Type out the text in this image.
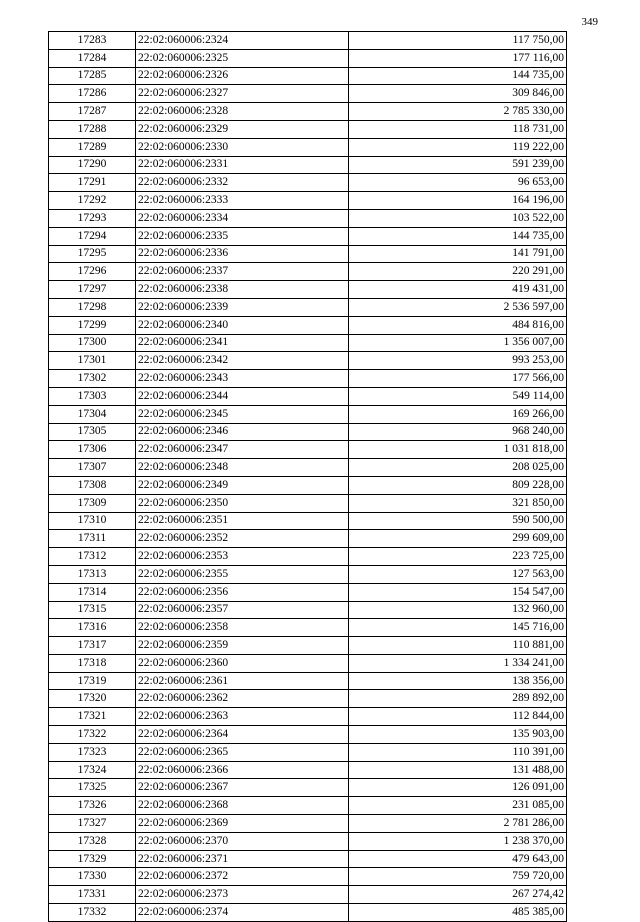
349
17283	22:02:060006:2324	117 750,00
17284	22:02:060006:2325	177 116,00
17285	22:02:060006:2326	144 735,00
17286	22:02:060006:2327	309 846,00
17287	22:02:060006:2328	2 785 330,00
17288	22:02:060006:2329	118 731,00
17289	22:02:060006:2330	119 222,00
17290	22:02:060006:2331	591 239,00
17291	22:02:060006:2332	96 653,00
17292	22:02:060006:2333	164 196,00
17293	22:02:060006:2334	103 522,00
17294	22:02:060006:2335	144 735,00
17295	22:02:060006:2336	141 791,00
17296	22:02:060006:2337	220 291,00
17297	22:02:060006:2338	419 431,00
17298	22:02:060006:2339	2 536 597,00
17299	22:02:060006:2340	484 816,00
17300	22:02:060006:2341	1 356 007,00
17301	22:02:060006:2342	993 253,00
17302	22:02:060006:2343	177 566,00
17303	22:02:060006:2344	549 114,00
17304	22:02:060006:2345	169 266,00
17305	22:02:060006:2346	968 240,00
17306	22:02:060006:2347	1 031 818,00
17307	22:02:060006:2348	208 025,00
17308	22:02:060006:2349	809 228,00
17309	22:02:060006:2350	321 850,00
17310	22:02:060006:2351	590 500,00
17311	22:02:060006:2352	299 609,00
17312	22:02:060006:2353	223 725,00
17313	22:02:060006:2355	127 563,00
17314	22:02:060006:2356	154 547,00
17315	22:02:060006:2357	132 960,00
17316	22:02:060006:2358	145 716,00
17317	22:02:060006:2359	110 881,00
17318	22:02:060006:2360	1 334 241,00
17319	22:02:060006:2361	138 356,00
17320	22:02:060006:2362	289 892,00
17321	22:02:060006:2363	112 844,00
17322	22:02:060006:2364	135 903,00
17323	22:02:060006:2365	110 391,00
17324	22:02:060006:2366	131 488,00
17325	22:02:060006:2367	126 091,00
17326	22:02:060006:2368	231 085,00
17327	22:02:060006:2369	2 781 286,00
17328	22:02:060006:2370	1 238 370,00
17329	22:02:060006:2371	479 643,00
17330	22:02:060006:2372	759 720,00
17331	22:02:060006:2373	267 274,42
17332	22:02:060006:2374	485 385,00
